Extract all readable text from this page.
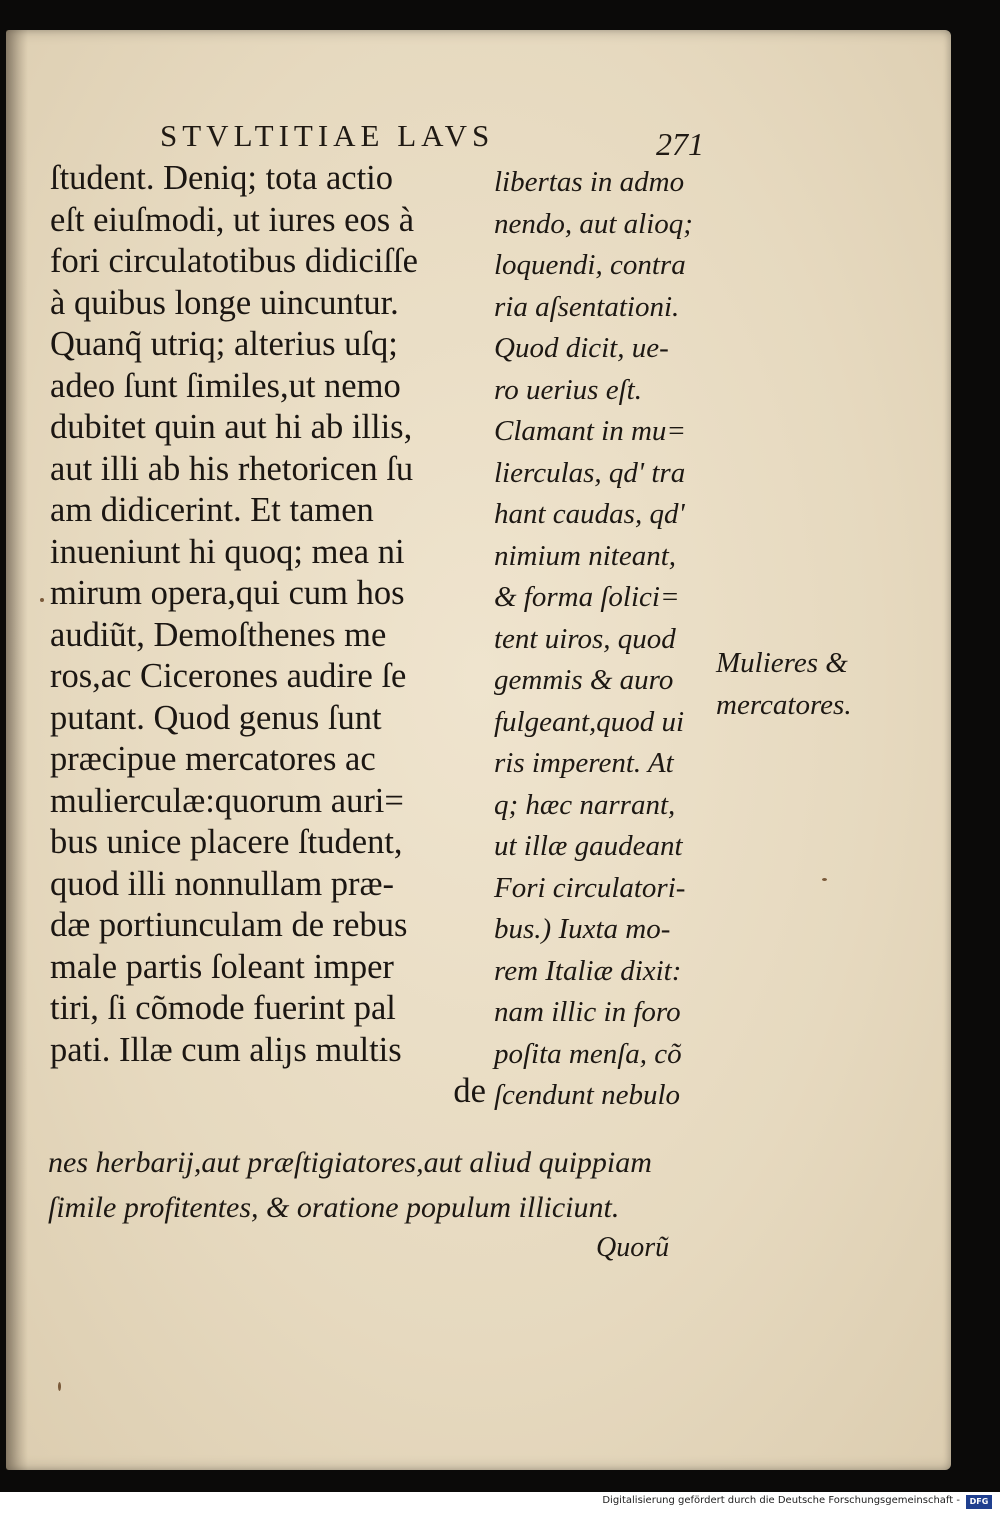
STVLTITIAE LAVS	271
ſtudent. Deniq; tota actio
eſt eiuſmodi, ut iures eos à
fori circulatotibus didiciſſe
à quibus longe uincuntur.
Quanq̃ utriq; alterius uſq;
adeo ſunt ſimiles,ut nemo
dubitet quin aut hi ab illis,
aut illi ab his rhetoricen ſu
am didicerint. Et tamen
inueniunt hi quoq; mea ni
mirum opera,qui cum hos
audiũt, Demoſthenes me
ros,ac Cicerones audire ſe
putant. Quod genus ſunt
præcipue mercatores ac
mulierculæ:quorum auri=
bus unice placere ſtudent,
quod illi nonnullam præ-
dæ portiunculam de rebus
male partis ſoleant imper
tiri, ſi cõmode fuerint pal
pati. Illæ cum aliȷs multis
de
libertas in admo
nendo, aut alioq;
loquendi, contra
ria aſsentationi.
Quod dicit, ue-
ro uerius eſt.
Clamant in mu=
lierculas, qd' tra
hant caudas, qd'
nimium niteant,
& forma ſolici=
tent uiros, quod
gemmis & auro
fulgeant,quod ui
ris imperent. At
q; hæc narrant,
ut illæ gaudeant
Fori circulatori-
bus.) Iuxta mo-
rem Italiæ dixit:
nam illic in foro
poſita menſa, cõ
ſcendunt nebulo
Mulieres &
mercatores.
nes herbarij,aut præſtigiatores,aut aliud quippiam
ſimile profitentes, & oratione populum illiciunt.
Quorũ
Digitalisierung gefördert durch die Deutsche Forschungsgemeinschaft -	DFG
